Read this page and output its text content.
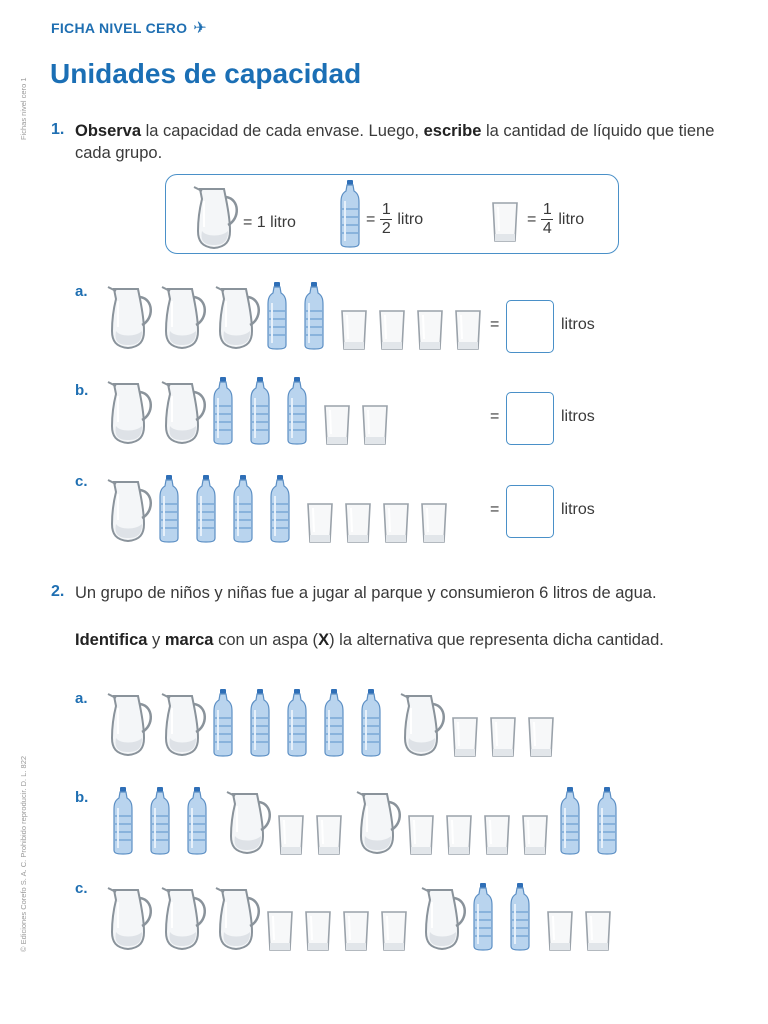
FICHA NIVEL CERO ✈
Fichas nivel cero 1
© Ediciones Corefo S. A. C. Prohibido reproducir. D. L. 822
Unidades de capacidad
1. Observa la capacidad de cada envase. Luego, escribe la cantidad de líquido que tiene cada grupo.
= 1 litro	= $\frac{1}{2}$ litro	= $\frac{1}{4}$ litro
a.
=	litros
b.
=	litros
c.
=	litros
2. Un grupo de niños y niñas fue a jugar al parque y consumieron 6 litros de agua.
Identifica y marca con un aspa (X) la alternativa que representa dicha cantidad.
a.
b.
c.
